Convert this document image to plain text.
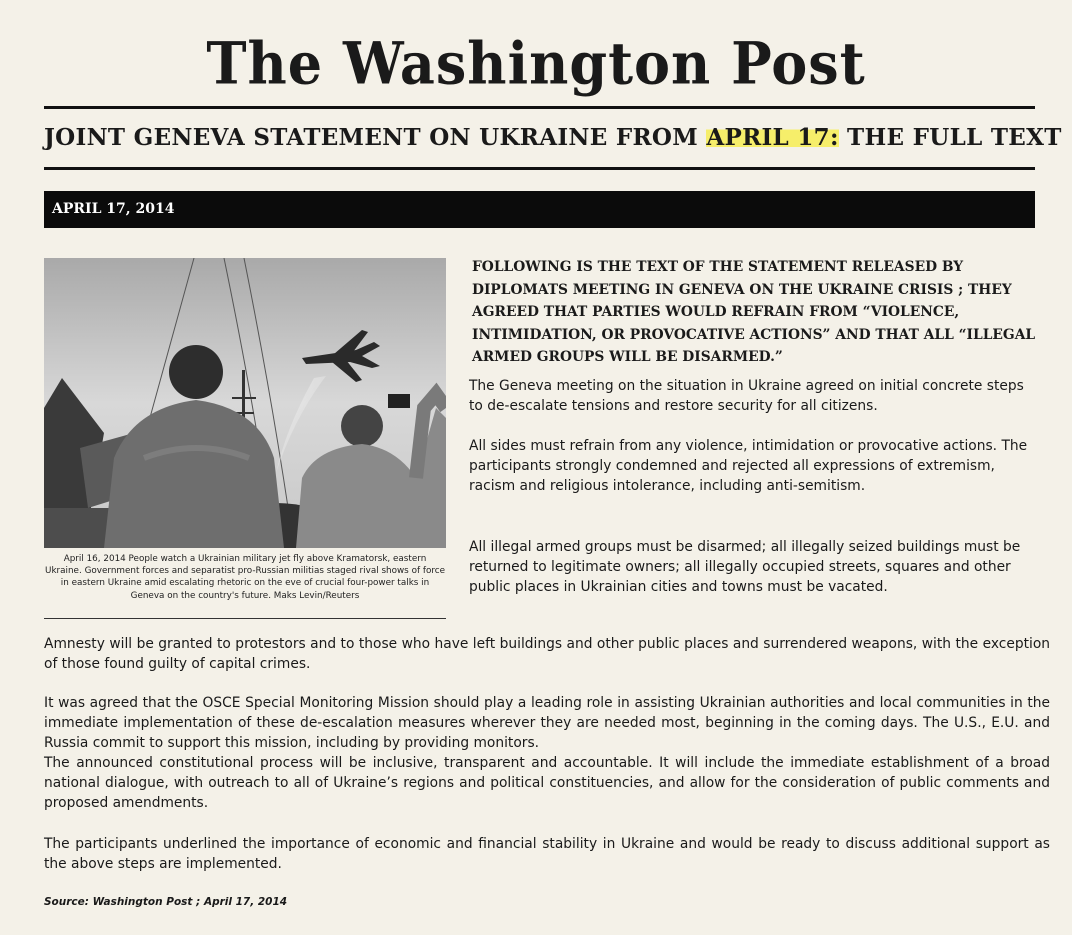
The Washington Post
JOINT GENEVA STATEMENT ON UKRAINE FROM APRIL 17: THE FULL TEXT
APRIL 17, 2014
April 16, 2014 People watch a Ukrainian military jet fly above Kramatorsk, eastern Ukraine. Government forces and separatist pro-Russian militias staged rival shows of force in eastern Ukraine amid escalating rhetoric on the eve of crucial four-power talks in Geneva on the country's future. Maks Levin/Reuters
FOLLOWING IS THE TEXT OF THE STATEMENT RELEASED BY DIPLOMATS MEETING IN GENEVA ON THE UKRAINE CRISIS ; THEY AGREED THAT PARTIES WOULD REFRAIN FROM “VIOLENCE, INTIMIDATION, OR PROVOCATIVE ACTIONS” AND THAT ALL “ILLEGAL ARMED GROUPS WILL BE DISARMED.”

The Geneva meeting on the situation in Ukraine agreed on initial concrete steps to de-escalate tensions and restore security for all citizens.

All sides must refrain from any violence, intimidation or provocative actions. The participants strongly condemned and rejected all expressions of extremism, racism and religious intolerance, including anti-semitism.

All illegal armed groups must be disarmed; all illegally seized buildings must be returned to legitimate owners; all illegally occupied streets, squares and other public places in Ukrainian cities and towns must be vacated.

Amnesty will be granted to protestors and to those who have left buildings and other public places and surrendered weapons, with the exception of those found guilty of capital crimes.

It was agreed that the OSCE Special Monitoring Mission should play a leading role in assisting Ukrainian authorities and local communities in the immediate implementation of these de-escalation measures wherever they are needed most, beginning in the coming days. The U.S., E.U. and Russia commit to support this mission, including by providing monitors.

The announced constitutional process will be inclusive, transparent and accountable. It will include the immediate establishment of a broad national dialogue, with outreach to all of Ukraine’s regions and political constituencies, and allow for the consideration of public comments and proposed amendments.

The participants underlined the importance of economic and financial stability in Ukraine and would be ready to discuss additional support as the above steps are implemented.

Source: Washington Post ; April 17, 2014
